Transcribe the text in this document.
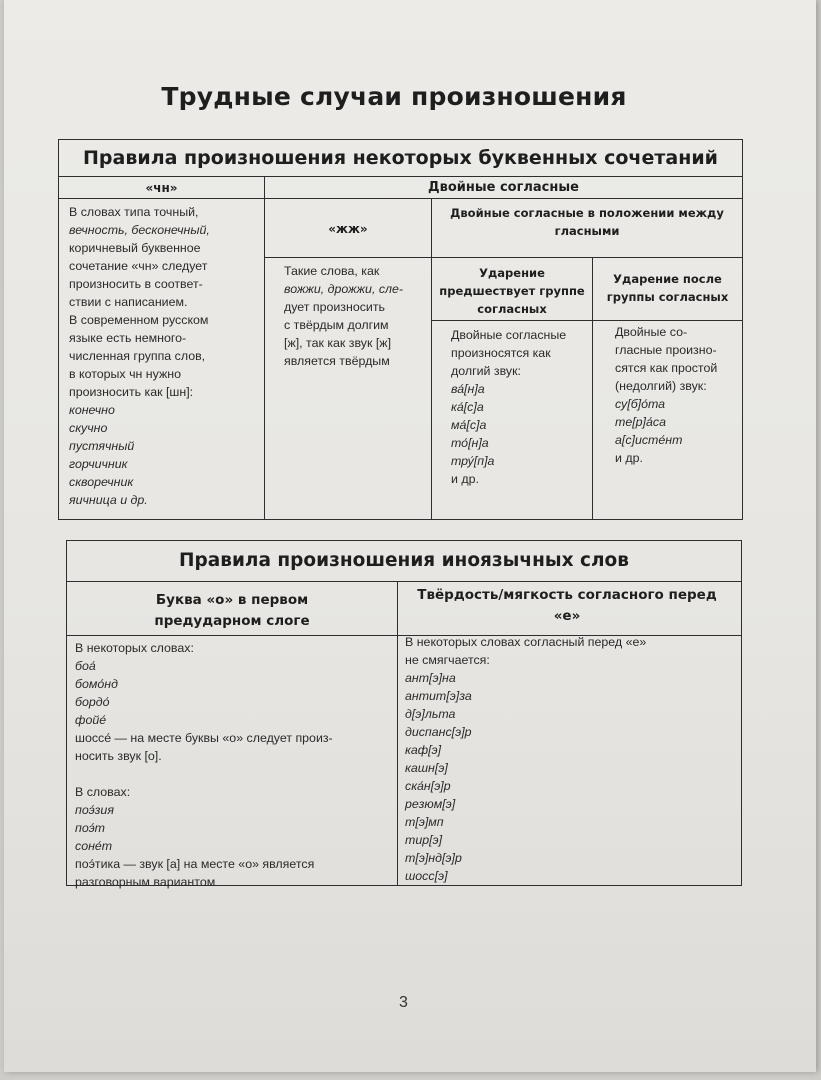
Трудные случаи произношения
Правила произношения некоторых буквенных сочетаний
«чн»	Двойные согласные
«жж»
Двойные согласные в положении между гласными
Ударение предшествует группе согласных
Ударение после группы согласных
В словах типа точный,
вечность, бесконечный,
коричневый буквенное
сочетание «чн» следует
произносить в соответ-
ствии с написанием.
В современном русском
языке есть немного-
численная группа слов,
в которых чн нужно
произносить как [шн]:
конечно
скучно
пустячный
горчичник
скворечник
яичница и др.
Такие слова, как
вожжи, дрожжи, сле-
дует произносить
с твёрдым долгим
[ж], так как звук [ж]
является твёрдым
Двойные согласные
произносятся как
долгий звук:
ва́[н]а
ка́[с]а
ма́[с]а
то́[н]а
тру́[п]а
и др.
Двойные со-
гласные произно-
сятся как простой
(недолгий) звук:
су[б]о́та
те[р]а́са
а[с]исте́нт
и др.
Правила произношения иноязычных слов
Буква «о» в первом предударном слоге
Твёрдость/мягкость согласного перед «е»
В некоторых словах:
боа́
бомо́нд
бордо́
фойе́
шоссе́ — на месте буквы «о» следует произ-
носить звук [о].
В словах:
поэ́зия
поэ́т
соне́т
поэ́тика — звук [а] на месте «о» является
разговорным вариантом
В некоторых словах согласный перед «е»
не смягчается:
ант[э]на
антит[э]за
д[э]льта
диспанс[э]р
каф[э]
кашн[э]
ска́н[э]р
резюм[э]
т[э]мп
тир[э]
т[э]нд[э]р
шосс[э]
3
